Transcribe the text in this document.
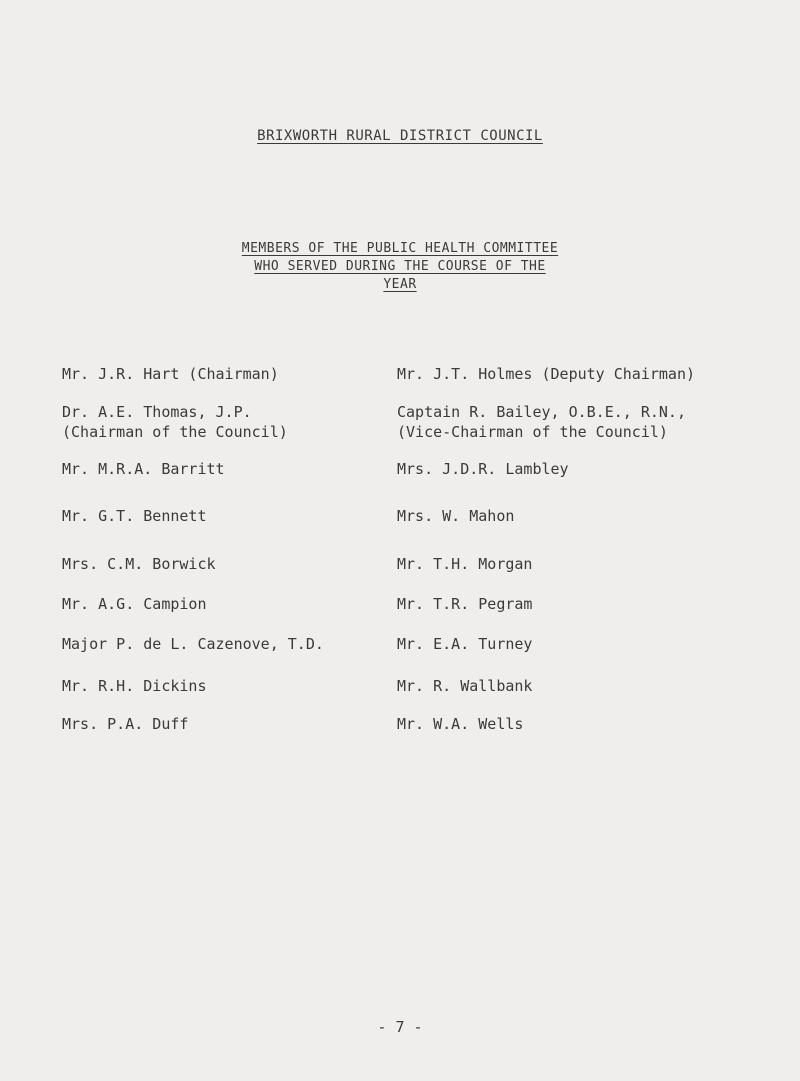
BRIXWORTH RURAL DISTRICT COUNCIL
MEMBERS OF THE PUBLIC HEALTH COMMITTEE
WHO SERVED DURING THE COURSE OF THE
YEAR
Mr. J.R. Hart (Chairman)
Dr. A.E. Thomas, J.P.
(Chairman of the Council)
Mr. M.R.A. Barritt
Mr. G.T. Bennett
Mrs. C.M. Borwick
Mr. A.G. Campion
Major P. de L. Cazenove, T.D.
Mr. R.H. Dickins
Mrs. P.A. Duff
Mr. J.T. Holmes (Deputy Chairman)
Captain R. Bailey, O.B.E., R.N.,
(Vice-Chairman of the Council)
Mrs. J.D.R. Lambley
Mrs. W. Mahon
Mr. T.H. Morgan
Mr. T.R. Pegram
Mr. E.A. Turney
Mr. R. Wallbank
Mr. W.A. Wells
- 7 -
